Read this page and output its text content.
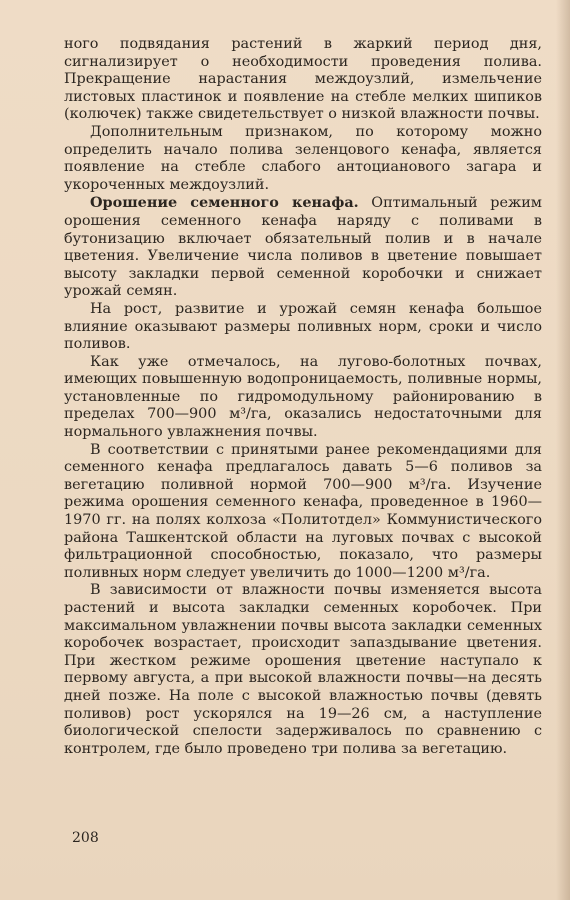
ного подвядания растений в жаркий период дня, сигнализирует о необходимости проведения полива. Прекращение нарастания междоузлий, измельчение листовых пластинок и появление на стебле мелких шипиков (колючек) также свидетельствует о низкой влажности почвы.

Дополнительным признаком, по которому можно определить начало полива зеленцового кенафа, является появление на стебле слабого антоцианового загара и укороченных междоузлий.

Орошение семенного кенафа. Оптимальный режим орошения семенного кенафа наряду с поливами в бутонизацию включает обязательный полив и в начале цветения. Увеличение числа поливов в цветение повышает высоту закладки первой семенной коробочки и снижает урожай семян.

На рост, развитие и урожай семян кенафа большое влияние оказывают размеры поливных норм, сроки и число поливов.

Как уже отмечалось, на лугово-болотных почвах, имеющих повышенную водопроницаемость, поливные нормы, установленные по гидромодульному районированию в пределах 700—900 м³/га, оказались недостаточными для нормального увлажнения почвы.

В соответствии с принятыми ранее рекомендациями для семенного кенафа предлагалось давать 5—6 поливов за вегетацию поливной нормой 700—900 м³/га. Изучение режима орошения семенного кенафа, проведенное в 1960—1970 гг. на полях колхоза «Политотдел» Коммунистического района Ташкентской области на луговых почвах с высокой фильтрационной способностью, показало, что размеры поливных норм следует увеличить до 1000—1200 м³/га.

В зависимости от влажности почвы изменяется высота растений и высота закладки семенных коробочек. При максимальном увлажнении почвы высота закладки семенных коробочек возрастает, происходит запаздывание цветения. При жестком режиме орошения цветение наступало к первому августа, а при высокой влажности почвы—на десять дней позже. На поле с высокой влажностью почвы (девять поливов) рост ускорялся на 19—26 см, а наступление биологической спелости задерживалось по сравнению с контролем, где было проведено три полива за вегетацию.

208
